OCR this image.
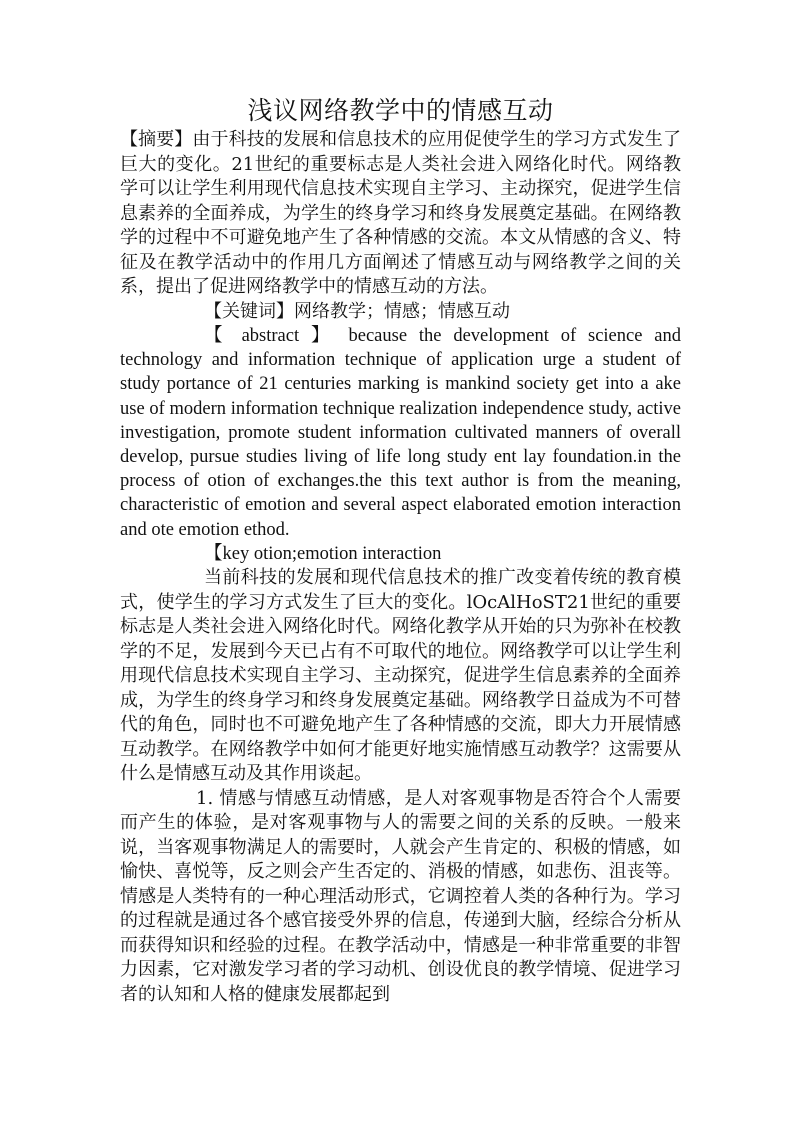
浅议网络教学中的情感互动

【摘要】由于科技的发展和信息技术的应用促使学生的学习方式发生了巨大的变化。21世纪的重要标志是人类社会进入网络化时代。网络教学可以让学生利用现代信息技术实现自主学习、主动探究，促进学生信息素养的全面养成，为学生的终身学习和终身发展奠定基础。在网络教学的过程中不可避免地产生了各种情感的交流。本文从情感的含义、特征及在教学活动中的作用几方面阐述了情感互动与网络教学之间的关系，提出了促进网络教学中的情感互动的方法。

【关键词】网络教学；情感；情感互动

【 abstract 】 because the development of science and technology and information technique of application urge a student of study portance of 21 centuries marking is mankind society get into a ake use of modern information technique realization independence study, active investigation, promote student information cultivated manners of overall develop, pursue studies living of life long study ent lay foundation.in the process of otion of exchanges.the this text author is from the meaning, characteristic of emotion and several aspect elaborated emotion interaction and ote emotion ethod.

【key otion;emotion interaction

当前科技的发展和现代信息技术的推广改变着传统的教育模式，使学生的学习方式发生了巨大的变化。lOcAlHoST21世纪的重要标志是人类社会进入网络化时代。网络化教学从开始的只为弥补在校教学的不足，发展到今天已占有不可取代的地位。网络教学可以让学生利用现代信息技术实现自主学习、主动探究，促进学生信息素养的全面养成，为学生的终身学习和终身发展奠定基础。网络教学日益成为不可替代的角色，同时也不可避免地产生了各种情感的交流，即大力开展情感互动教学。在网络教学中如何才能更好地实施情感互动教学？这需要从什么是情感互动及其作用谈起。

1. 情感与情感互动情感，是人对客观事物是否符合个人需要而产生的体验，是对客观事物与人的需要之间的关系的反映。一般来说，当客观事物满足人的需要时，人就会产生肯定的、积极的情感，如愉快、喜悦等，反之则会产生否定的、消极的情感，如悲伤、沮丧等。情感是人类特有的一种心理活动形式，它调控着人类的各种行为。学习的过程就是通过各个感官接受外界的信息，传递到大脑，经综合分析从而获得知识和经验的过程。在教学活动中，情感是一种非常重要的非智力因素，它对激发学习者的学习动机、创设优良的教学情境、促进学习者的认知和人格的健康发展都起到
